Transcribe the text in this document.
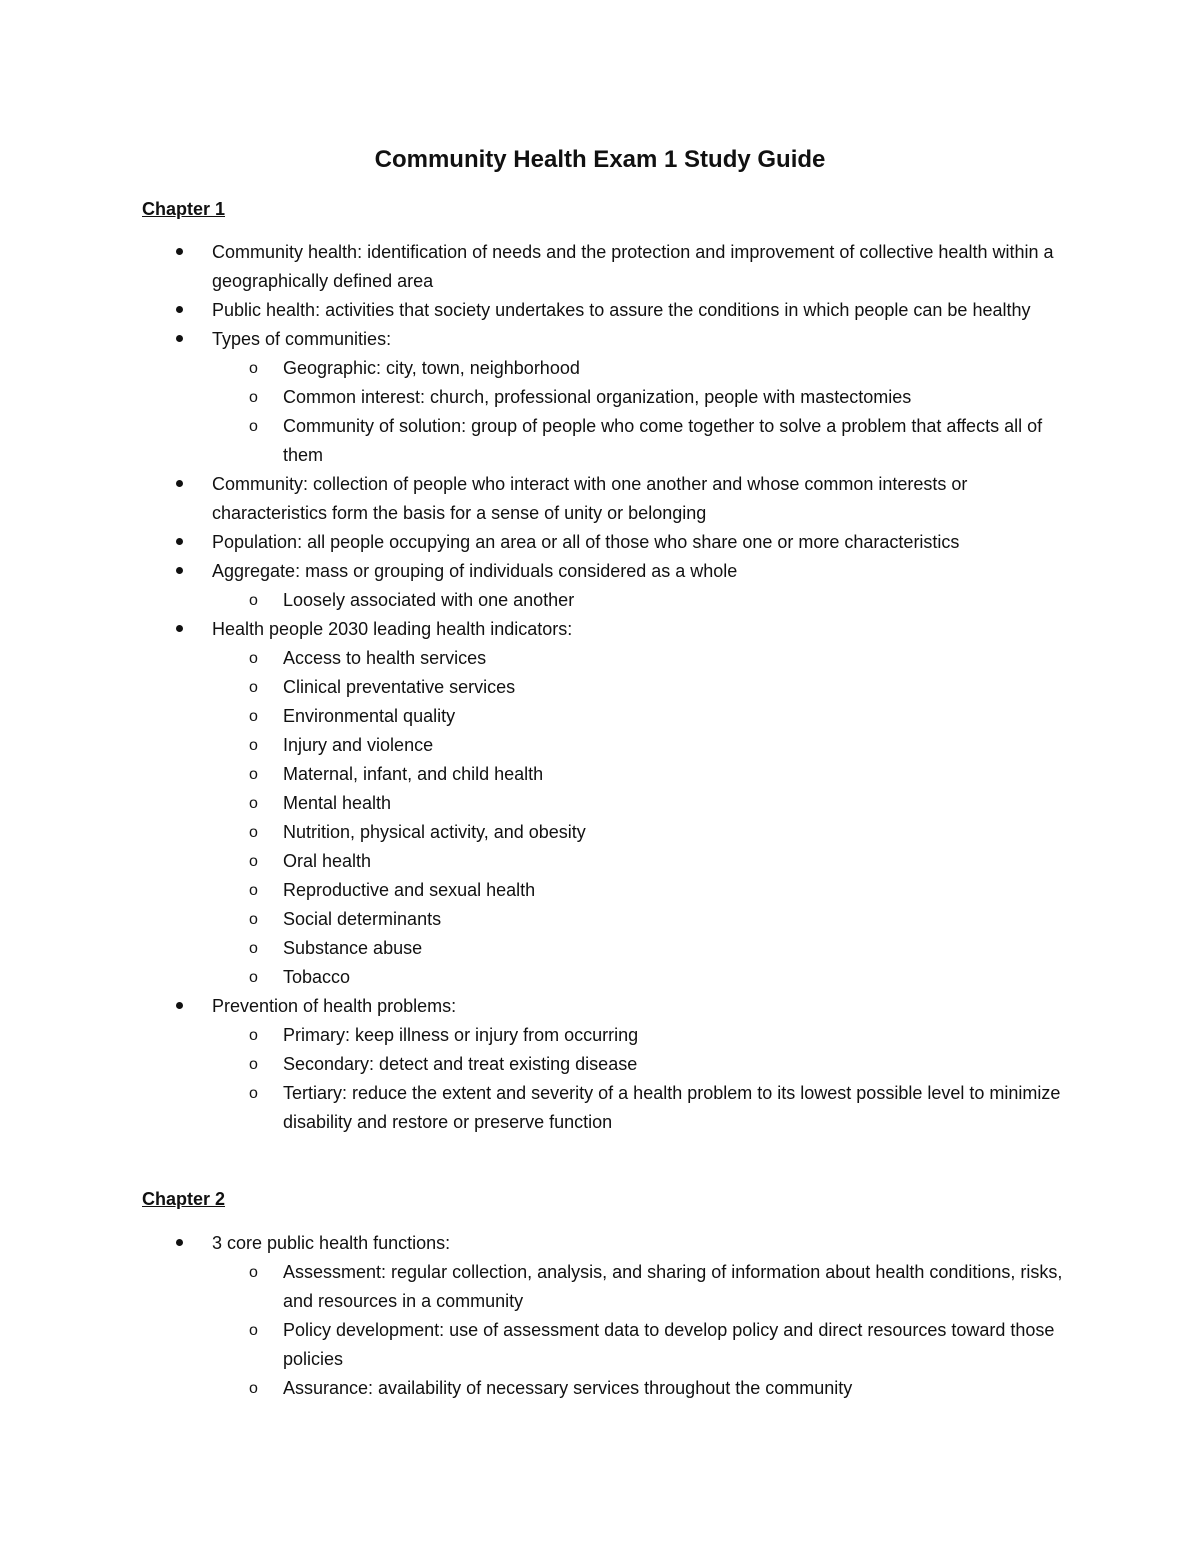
Community Health Exam 1 Study Guide
Chapter 1
Community health: identification of needs and the protection and improvement of collective health within a geographically defined area
Public health: activities that society undertakes to assure the conditions in which people can be healthy
Types of communities:
o Geographic: city, town, neighborhood
o Common interest: church, professional organization, people with mastectomies
o Community of solution: group of people who come together to solve a problem that affects all of them
Community: collection of people who interact with one another and whose common interests or characteristics form the basis for a sense of unity or belonging
Population: all people occupying an area or all of those who share one or more characteristics
Aggregate: mass or grouping of individuals considered as a whole
o Loosely associated with one another
Health people 2030 leading health indicators:
o Access to health services
o Clinical preventative services
o Environmental quality
o Injury and violence
o Maternal, infant, and child health
o Mental health
o Nutrition, physical activity, and obesity
o Oral health
o Reproductive and sexual health
o Social determinants
o Substance abuse
o Tobacco
Prevention of health problems:
o Primary: keep illness or injury from occurring
o Secondary: detect and treat existing disease
o Tertiary: reduce the extent and severity of a health problem to its lowest possible level to minimize disability and restore or preserve function
Chapter 2
3 core public health functions:
o Assessment: regular collection, analysis, and sharing of information about health conditions, risks, and resources in a community
o Policy development: use of assessment data to develop policy and direct resources toward those policies
o Assurance: availability of necessary services throughout the community
